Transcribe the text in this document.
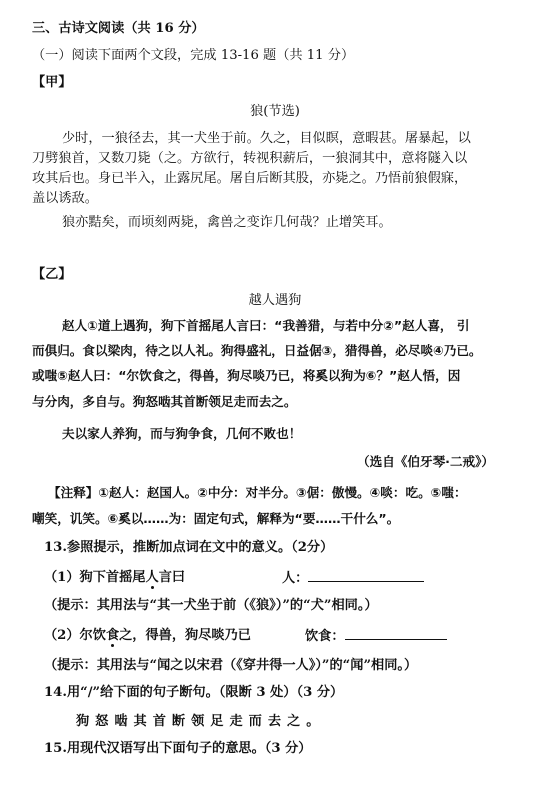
三、古诗文阅读（共 16 分）
（一）阅读下面两个文段，完成 13-16 题（共 11 分）
【甲】
狼(节选)
少时，一狼径去，其一犬坐于前。久之，目似瞑，意暇甚。屠暴起，以
刀劈狼首，又数刀毙（之。方欲行，转视积薪后，一狼洞其中，意将隧入以
攻其后也。身已半入，止露尻尾。屠自后断其股，亦毙之。乃悟前狼假寐，
盖以诱敌。
狼亦黠矣，而顷刻两毙，禽兽之变诈几何哉？止增笑耳。
【乙】
越人遇狗
赵人①道上遇狗，狗下首摇尾人言曰：“我善猎，与若中分②”赵人喜， 引
而俱归。食以梁肉，待之以人礼。狗得盛礼，日益倨③，猎得兽，必尽啖④乃已。
或嗤⑤赵人曰：“尔饮食之，得兽，狗尽啖乃已，将奚以狗为⑥？”赵人悟，因
与分肉，多自与。狗怒啮其首断领足走而去之。
夫以家人养狗，而与狗争食，几何不败也！
（选自《伯牙琴·二戒》）
【注释】①赵人：赵国人。②中分：对半分。③倨：傲慢。④啖：吃。⑤嗤：
嘲笑，讥笑。⑥奚以……为：固定句式，解释为“要……干什么”。
13.参照提示，推断加点词在文中的意义。（2分）
（1）狗下首摇尾人言曰	人：
（提示：其用法与“其一犬坐于前（《狼》）”的“犬”相同。）
（2）尔饮食之，得兽，狗尽啖乃已	饮食：
（提示：其用法与“闻之以宋君（《穿井得一人》）”的“闻”相同。）
14.用“/”给下面的句子断句。（限断 3 处）（3 分）
狗怒啮其首断领足走而去之。
15.用现代汉语写出下面句子的意思。（3 分）
